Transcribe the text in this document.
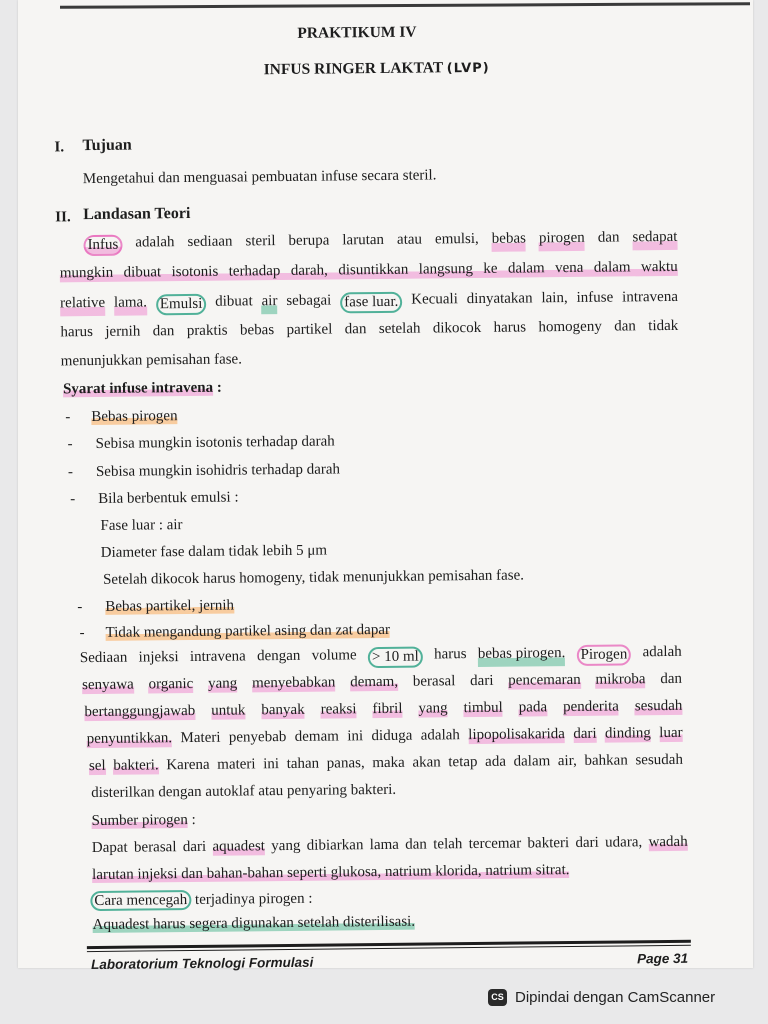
PRAKTIKUM IV
INFUS RINGER LAKTAT (LVP)
I. Tujuan
Mengetahui dan menguasai pembuatan infuse secara steril.
II. Landasan Teori
Infus adalah sediaan steril berupa larutan atau emulsi, bebas pirogen dan sedapat
mungkin dibuat isotonis terhadap darah, disuntikkan langsung ke dalam vena dalam waktu
relative lama. Emulsi dibuat air sebagai fase luar. Kecuali dinyatakan lain, infuse intravena
harus jernih dan praktis bebas partikel dan setelah dikocok harus homogeny dan tidak
menunjukkan pemisahan fase.
Syarat infuse intravena :
- Bebas pirogen
- Sebisa mungkin isotonis terhadap darah
- Sebisa mungkin isohidris terhadap darah
- Bila berbentuk emulsi :
Fase luar : air
Diameter fase dalam tidak lebih 5 μm
Setelah dikocok harus homogeny, tidak menunjukkan pemisahan fase.
- Bebas partikel, jernih
- Tidak mengandung partikel asing dan zat dapar
Sediaan injeksi intravena dengan volume > 10 ml harus bebas pirogen. Pirogen adalah
senyawa organic yang menyebabkan demam, berasal dari pencemaran mikroba dan
bertanggungjawab untuk banyak reaksi fibril yang timbul pada penderita sesudah
penyuntikkan. Materi penyebab demam ini diduga adalah lipopolisakarida dari dinding luar
sel bakteri. Karena materi ini tahan panas, maka akan tetap ada dalam air, bahkan sesudah
disterilkan dengan autoklaf atau penyaring bakteri.
Sumber pirogen :
Dapat berasal dari aquadest yang dibiarkan lama dan telah tercemar bakteri dari udara, wadah
larutan injeksi dan bahan-bahan seperti glukosa, natrium klorida, natrium sitrat.
Cara mencegah terjadinya pirogen :
Aquadest harus segera digunakan setelah disterilisasi.
Laboratorium Teknologi Formulasi	Page 31
CS Dipindai dengan CamScanner
